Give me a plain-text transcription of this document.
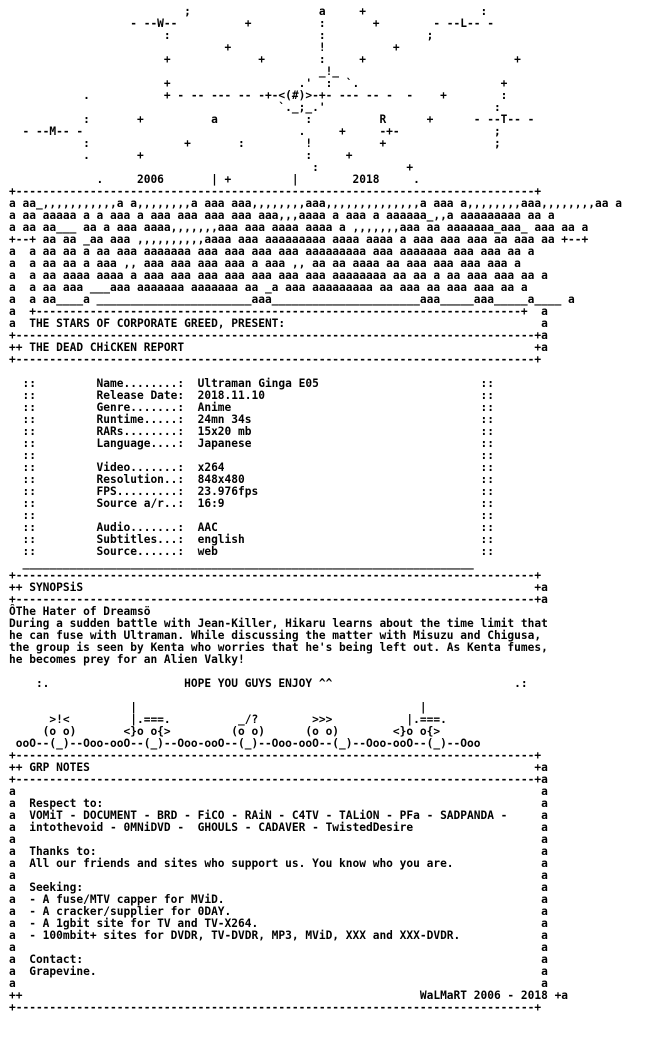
;                   a     +                 :
- --W--          +          :       +        - --L-- -
:                      :               ;
+             !          +
+             +        :     +                      +
_!_
+                   .'  :  `.                     +
.           + - -- --- -- -+-<(#)>-+- --- -- -  -    +        :
`._;_.'                         :
:       +          a             :          R      +      - --T-- -
- --M-- -                                .     +     -+-              ;
:              +       :         !          +                ;
.       +                        :     +
:             +
.     2006       | +         |        2018     .
+-----------------------------------------------------------------------------+
a aa_,,,,,,,,,,,a a,,,,,,,,a aaa aaa,,,,,,,,aaa,,,,,,,,,,,,,,a aaa a,,,,,,,,aaa,,,,,,,,aa a
a aa aaaaa a a aaa a aaa aaa aaa aaa aaa,,,aaaa a aaa a aaaaaa_,,a aaaaaaaaa aa a
a aa aa___ aa a aaa aaaa,,,,,,,aaa aaa aaaa aaaa a ,,,,,,,aaa aa aaaaaaa_aaa_ aaa aa a
+--+ aa aa _aa aaa ,,,,,,,,,,aaaa aaa aaaaaaaaa aaaa aaaa a aaa aaa aaa aa aaa aa +--+
a  a aa aa a aa aaa aaaaaaa aaa aaa aaa aaa aaaaaaaaa aaa aaaaaaa aaa aaa aa a
a  a aa aa a aaa ,, aaa aaa aaa aaa a aaa ,, aa aa aaaa aa aaa aaa aaa aaa a
a  a aa aaaa aaaa a aaa aaa aaa aaa aaa aaa aaa aaaaaaaa aa aa a aa aaa aaa aa a
a  a aa aaa ___aaa aaaaaaa aaaaaaa aa _a aaa aaaaaaaaa aa aaa aa aaa aaa aa a
a  a aa____a _______________________aaa______________________aaa_____aaa_____a____ a
a  +------------------------------------------------------------------------+  a
a  THE STARS OF CORPORATE GREED, PRESENT:                                      a
+-----------------------------------------------------------------------------+a
++ THE DEAD CHiCKEN REPORT                                                    +a
+-----------------------------------------------------------------------------+
::         Name........:  Ultraman Ginga E05                        ::
::         Release Date:  2018.11.10                                ::
::         Genre.......:  Anime                                     ::
::         Runtime.....:  24mn 34s                                  ::
::         RARs........:  15x20 mb                                  ::
::         Language....:  Japanese                                  ::
::                                                                  ::
::         Video.......:  x264                                      ::
::         Resolution..:  848x480                                   ::
::         FPS.........:  23.976fps                                 ::
::         Source a/r..:  16:9                                      ::
::                                                                  ::
::         Audio.......:  AAC                                       ::
::         Subtitles...:  english                                   ::
::         Source......:  web                                       ::
___________________________________________________________________
+-----------------------------------------------------------------------------+
++ SYNOPSiS                                                                   +a
+-----------------------------------------------------------------------------+a
ÔThe Hater of Dreamsö
During a sudden battle with Jean-Killer, Hikaru learns about the time limit that
he can fuse with Ultraman. While discussing the matter with Misuzu and Chigusa,
the group is seen by Kenta who worries that he's being left out. As Kenta fumes,
he becomes prey for an Alien Valky!
:.                    HOPE YOU GUYS ENJOY ^^                           .:
|                                          |
>!<         |.===.          _/?        >>>           |.===.
(o o)       <}o o{>         (o o)      (o o)        <}o o{>
ooO--(_)--Ooo-ooO--(_)--Ooo-ooO--(_)--Ooo-ooO--(_)--Ooo-ooO--(_)--Ooo
+-----------------------------------------------------------------------------+
++ GRP NOTES                                                                  +a
+-----------------------------------------------------------------------------+a
a                                                                              a
a  Respect to:                                                                 a
a  VOMiT - DOCUMENT - BRD - FiCO - RAiN - C4TV - TALiON - PFa - SADPANDA -     a
a  intothevoid - 0MNiDVD -  GHOULS - CADAVER - TwistedDesire                   a
a                                                                              a
a  Thanks to:                                                                  a
a  All our friends and sites who support us. You know who you are.             a
a                                                                              a
a  Seeking:                                                                    a
a  - A fuse/MTV capper for MViD.                                               a
a  - A cracker/supplier for 0DAY.                                              a
a  - A 1gbit site for TV and TV-X264.                                          a
a  - 100mbit+ sites for DVDR, TV-DVDR, MP3, MViD, XXX and XXX-DVDR.            a
a                                                                              a
a  Contact:                                                                    a
a  Grapevine.                                                                  a
a                                                                              a
++                                                           WaLMaRT 2006 - 2018 +a
+-----------------------------------------------------------------------------+
